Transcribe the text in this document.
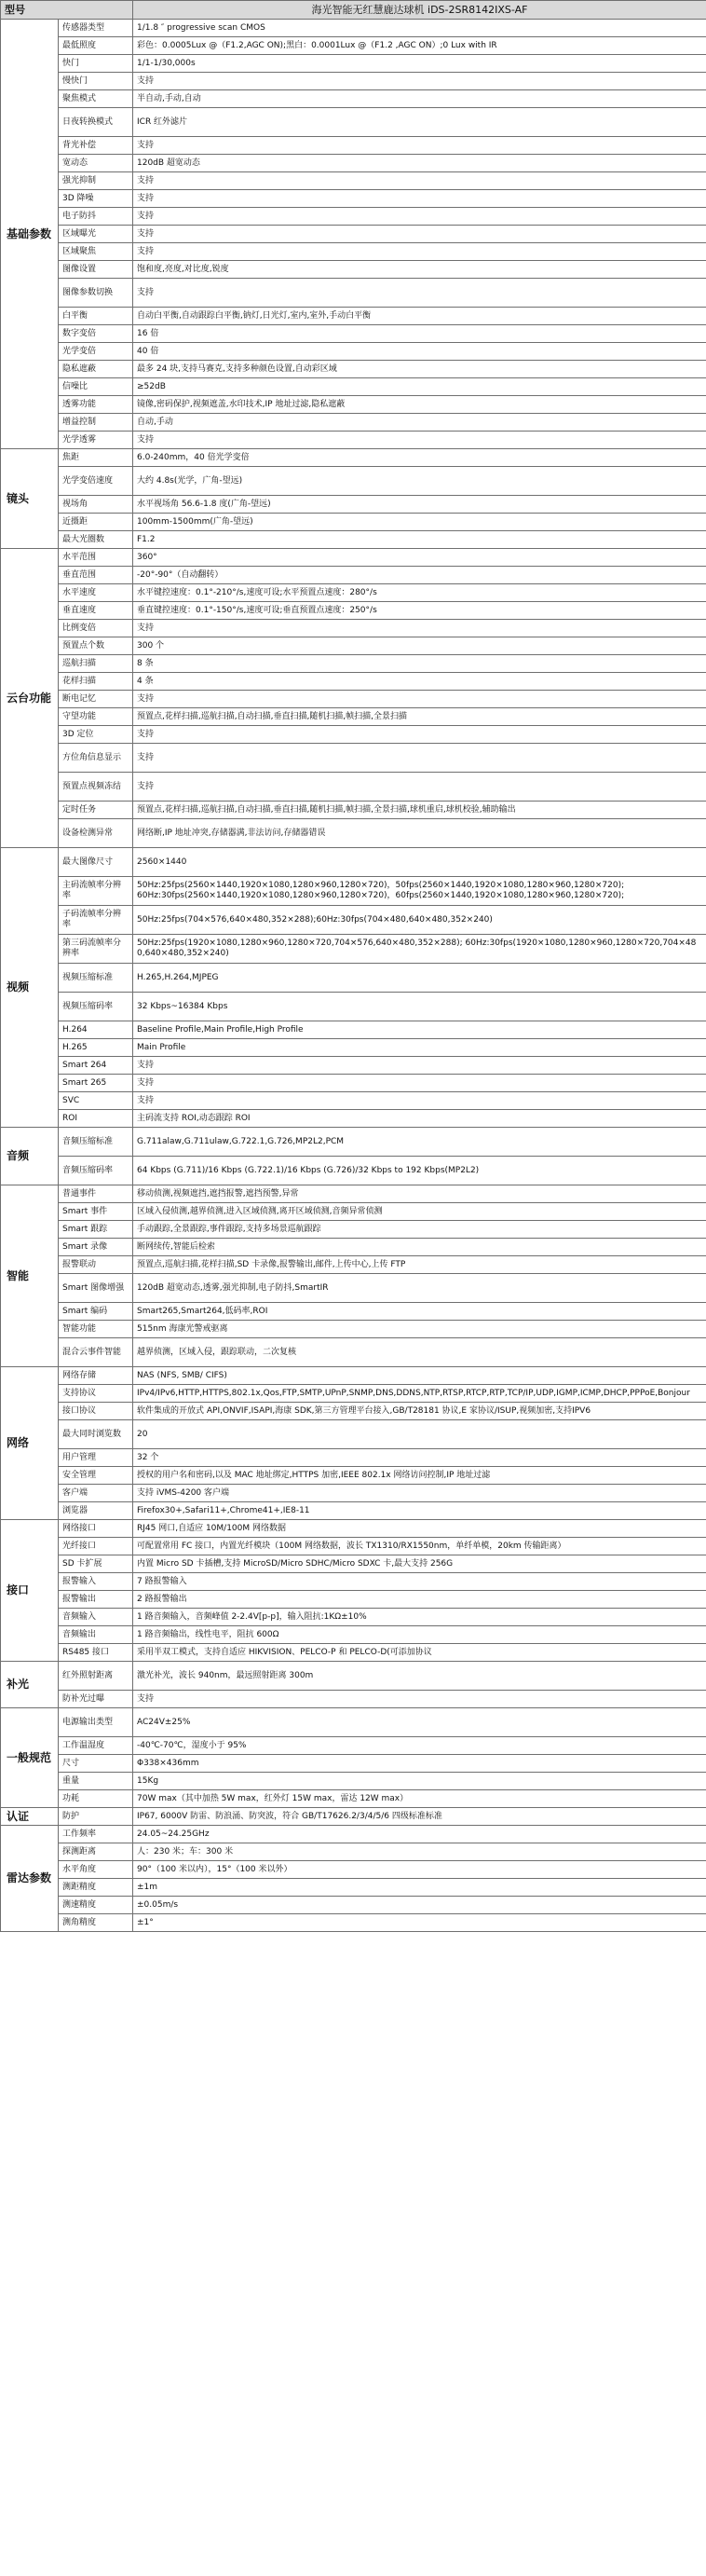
型号		海光智能无红慧鹿达球机 iDS-2SR8142IXS-AF
基础参数	传感器类型	1/1.8 ″ progressive scan CMOS
	最低照度	彩色：0.0005Lux @（F1.2,AGC ON);黑白：0.0001Lux @（F1.2 ,AGC ON）;0 Lux with IR
	快门	1/1-1/30,000s
	慢快门	支持
	聚焦模式	半自动,手动,自动
	日夜转换模式	ICR 红外滤片
	背光补偿	支持
	宽动态	120dB 超宽动态
	强光抑制	支持
	3D 降噪	支持
	电子防抖	支持
	区域曝光	支持
	区域聚焦	支持
	图像设置	饱和度,亮度,对比度,锐度
	图像参数切换	支持
	白平衡	自动白平衡,自动跟踪白平衡,钠灯,日光灯,室内,室外,手动白平衡
	数字变倍	16 倍
	光学变倍	40 倍
	隐私遮蔽	最多 24 块,支持马赛克,支持多种颜色设置,自动彩区域
	信噪比	≥52dB
	透雾功能	镜像,密码保护,视频遮盖,水印技术,IP 地址过滤,隐私遮蔽
	增益控制	自动,手动
	光学透雾	支持
镜头	焦距	6.0-240mm，40 倍光学变倍
	光学变倍速度	大约 4.8s(光学，广角-望远)
	视场角	水平视场角 56.6-1.8 度(广角-望远)
	近摄距	100mm-1500mm(广角-望远)
	最大光圈数	F1.2
云台功能	水平范围	360°
	垂直范围	-20°-90°（自动翻转）
	水平速度	水平键控速度：0.1°-210°/s,速度可设;水平预置点速度：280°/s
	垂直速度	垂直键控速度：0.1°-150°/s,速度可设;垂直预置点速度：250°/s
	比例变倍	支持
	预置点个数	300 个
	巡航扫描	8 条
	花样扫描	4 条
	断电记忆	支持
	守望功能	预置点,花样扫描,巡航扫描,自动扫描,垂直扫描,随机扫描,帧扫描,全景扫描
	3D 定位	支持
	方位角信息显示	支持
	预置点视频冻结	支持
	定时任务	预置点,花样扫描,巡航扫描,自动扫描,垂直扫描,随机扫描,帧扫描,全景扫描,球机重启,球机校验,辅助输出
	设备检测异常	网络断,IP 地址冲突,存储器满,非法访问,存储器错误
视频	最大图像尺寸	2560×1440
	主码流帧率分辨率	50Hz:25fps(2560×1440,1920×1080,1280×960,1280×720)，50fps(2560×1440,1920×1080,1280×960,1280×720);
60Hz:30fps(2560×1440,1920×1080,1280×960,1280×720)，60fps(2560×1440,1920×1080,1280×960,1280×720);
	子码流帧率分辨率	50Hz:25fps(704×576,640×480,352×288);60Hz:30fps(704×480,640×480,352×240)
	第三码流帧率分辨率	50Hz:25fps(1920×1080,1280×960,1280×720,704×576,640×480,352×288); 60Hz:30fps(1920×1080,1280×960,1280×720,704×480,640×480,352×240)
	视频压缩标准	H.265,H.264,MJPEG
	视频压缩码率	32 Kbps~16384 Kbps
	H.264	Baseline Profile,Main Profile,High Profile
	H.265	Main Profile
	Smart 264	支持
	Smart 265	支持
	SVC	支持
	ROI	主码流支持 ROI,动态跟踪 ROI
音频	音频压缩标准	G.711alaw,G.711ulaw,G.722.1,G.726,MP2L2,PCM
	音频压缩码率	64 Kbps (G.711)/16 Kbps (G.722.1)/16 Kbps (G.726)/32 Kbps to 192 Kbps(MP2L2)
智能	普通事件	移动侦测,视频遮挡,遮挡报警,遮挡预警,异常
	Smart 事件	区域入侵侦测,越界侦测,进入区域侦测,离开区域侦测,音频异常侦测
	Smart 跟踪	手动跟踪,全景跟踪,事件跟踪,支持多场景巡航跟踪
	Smart 录像	断网续传,智能后检索
	报警联动	预置点,巡航扫描,花样扫描,SD 卡录像,报警输出,邮件,上传中心,上传 FTP
	Smart 图像增强	120dB 超宽动态,透雾,强光抑制,电子防抖,SmartIR
	Smart 编码	Smart265,Smart264,低码率,ROI
	智能功能	515nm 海康光警戒驱离
	混合云事件智能	越界侦测，区域入侵，跟踪联动，二次复核
网络	网络存储	NAS (NFS, SMB/ CIFS)
	支持协议	IPv4/IPv6,HTTP,HTTPS,802.1x,Qos,FTP,SMTP,UPnP,SNMP,DNS,DDNS,NTP,RTSP,RTCP,RTP,TCP/IP,UDP,IGMP,ICMP,DHCP,PPPoE,Bonjour
	接口协议	软件集成的开放式 API,ONVIF,ISAPI,海康 SDK,第三方管理平台接入,GB/T28181 协议,E 家协议/ISUP,视频加密,支持IPV6
	最大同时浏览数	20
	用户管理	32 个
	安全管理	授权的用户名和密码,以及 MAC 地址绑定,HTTPS 加密,IEEE 802.1x 网络访问控制,IP 地址过滤
	客户端	支持 iVMS-4200 客户端
	浏览器	Firefox30+,Safari11+,Chrome41+,IE8-11
接口	网络接口	RJ45 网口,自适应 10M/100M 网络数据
	光纤接口	可配置常用 FC 接口，内置光纤模块（100M 网络数据，波长 TX1310/RX1550nm，单纤单模，20km 传输距离）
	SD 卡扩展	内置 Micro SD 卡插槽,支持 MicroSD/Micro SDHC/Micro SDXC 卡,最大支持 256G
	报警输入	7 路报警输入
	报警输出	2 路报警输出
	音频输入	1 路音频输入，音频峰值 2-2.4V[p-p]，输入阻抗:1KΩ±10%
	音频输出	1 路音频输出，线性电平，阻抗 600Ω
	RS485 接口	采用半双工模式，支持自适应 HIKVISION、PELCO-P 和 PELCO-D(可添加协议
补光	红外照射距离	激光补光，波长 940nm，最远照射距离 300m
	防补光过曝	支持
一般规范	电源输出类型	AC24V±25%
	工作温湿度	-40℃-70℃，湿度小于 95%
	尺寸	Φ338×436mm
	重量	15Kg
	功耗	70W max（其中加热 5W max，红外灯 15W max，雷达 12W max）
认证	防护	IP67, 6000V 防雷、防浪涌、防突波，符合 GB/T17626.2/3/4/5/6 四级标准标准
雷达参数	工作频率	24.05~24.25GHz
	探测距离	人：230 米；车：300 米
	水平角度	90°（100 米以内），15°（100 米以外）
	测距精度	±1m
	测速精度	±0.05m/s
	测角精度	±1°
